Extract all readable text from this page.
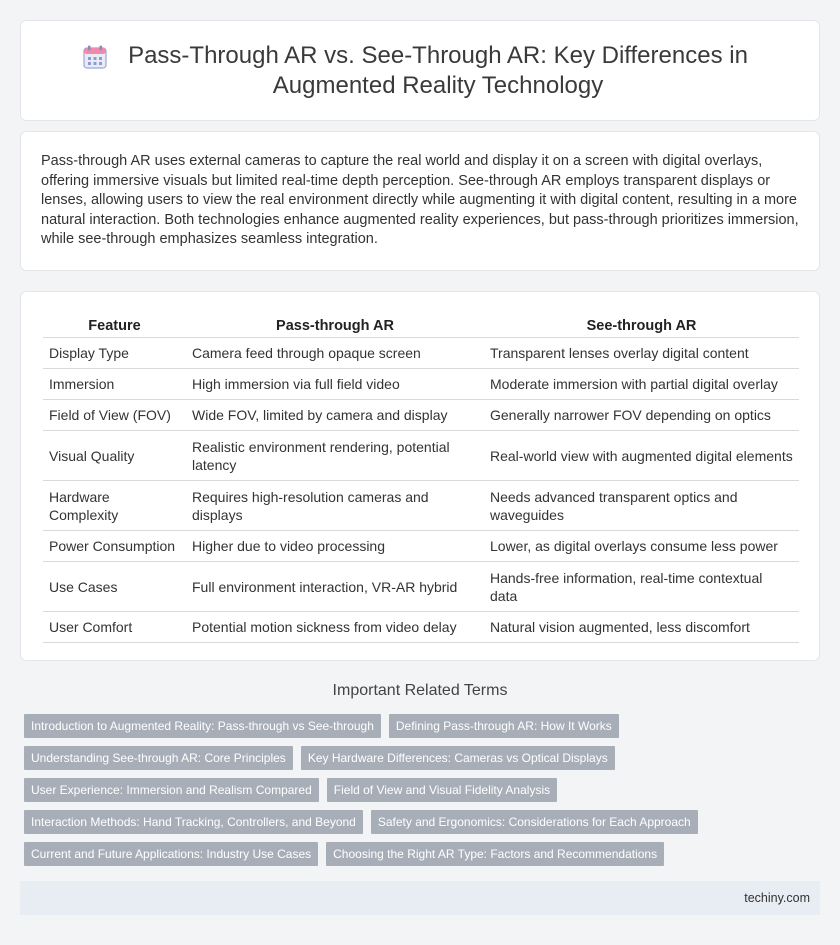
Pass-Through AR vs. See-Through AR: Key Differences in Augmented Reality Technology

Pass-through AR uses external cameras to capture the real world and display it on a screen with digital overlays, offering immersive visuals but limited real-time depth perception. See-through AR employs transparent displays or lenses, allowing users to view the real environment directly while augmenting it with digital content, resulting in a more natural interaction. Both technologies enhance augmented reality experiences, but pass-through prioritizes immersion, while see-through emphasizes seamless integration.

Feature	Pass-through AR	See-through AR
Display Type	Camera feed through opaque screen	Transparent lenses overlay digital content
Immersion	High immersion via full field video	Moderate immersion with partial digital overlay
Field of View (FOV)	Wide FOV, limited by camera and display	Generally narrower FOV depending on optics
Visual Quality	Realistic environment rendering, potential latency	Real-world view with augmented digital elements
Hardware Complexity	Requires high-resolution cameras and displays	Needs advanced transparent optics and waveguides
Power Consumption	Higher due to video processing	Lower, as digital overlays consume less power
Use Cases	Full environment interaction, VR-AR hybrid	Hands-free information, real-time contextual data
User Comfort	Potential motion sickness from video delay	Natural vision augmented, less discomfort
Important Related Terms
Introduction to Augmented Reality: Pass-through vs See-through	Defining Pass-through AR: How It Works
Understanding See-through AR: Core Principles	Key Hardware Differences: Cameras vs Optical Displays
User Experience: Immersion and Realism Compared	Field of View and Visual Fidelity Analysis
Interaction Methods: Hand Tracking, Controllers, and Beyond	Safety and Ergonomics: Considerations for Each Approach
Current and Future Applications: Industry Use Cases	Choosing the Right AR Type: Factors and Recommendations
techiny.com
